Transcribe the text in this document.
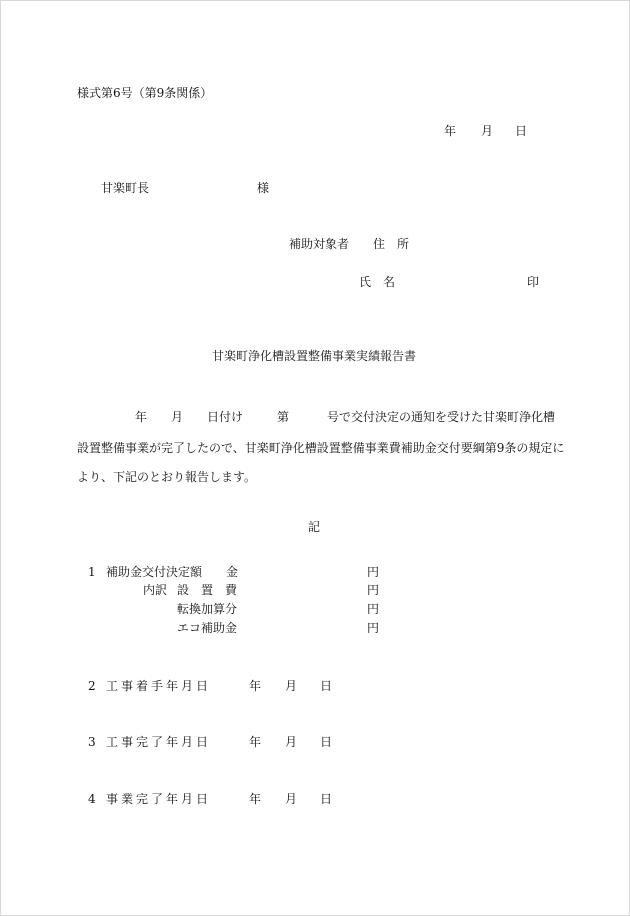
様式第6号（第9条関係）
年 月 日
甘楽町長	様
補助対象者 住　所
氏　名	印
甘楽町浄化槽設置整備事業実績報告書
年 月 日付け	第	号で交付決定の通知を受けた甘楽町浄化槽
設置整備事業が完了したので、甘楽町浄化槽設置整備事業費補助金交付要綱第9条の規定に
より、下記のとおり報告します。
記
1 補助金交付決定額 金	円
内訳 設　置　費	円
転換加算分	円
エコ補助金	円
2 工事着手年月日	年 月 日
3 工事完了年月日	年 月 日
4 事業完了年月日	年 月 日
